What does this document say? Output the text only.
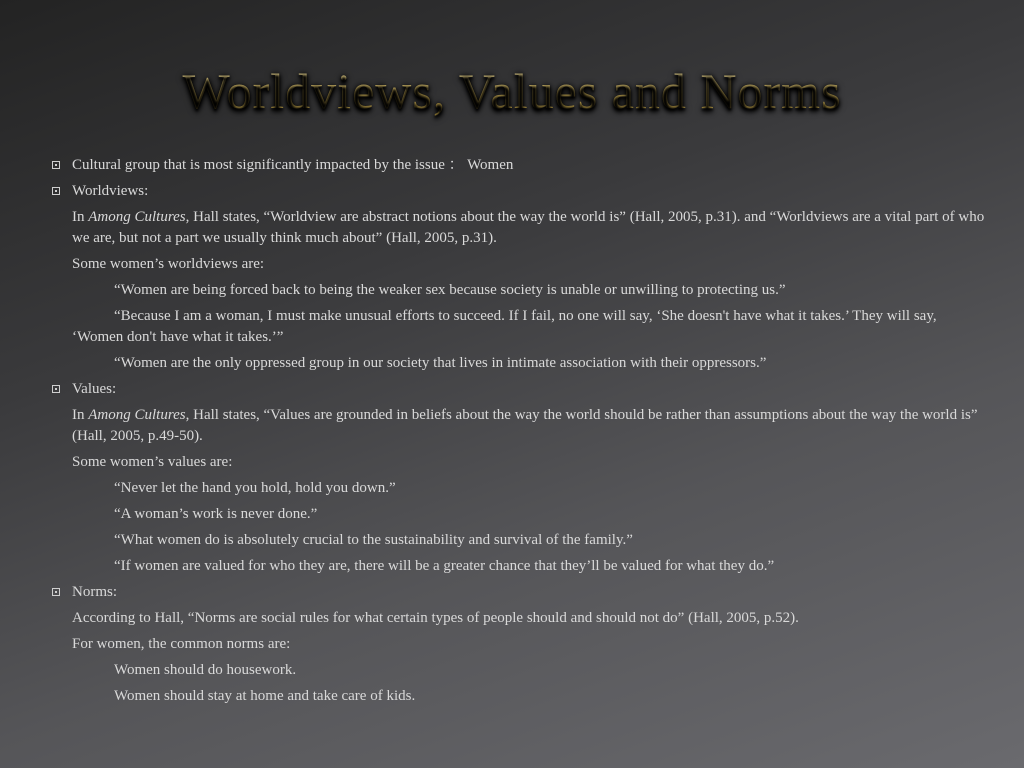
Worldviews, Values and Norms
Cultural group that is most significantly impacted by the issue ： Women
Worldviews:
In Among Cultures, Hall states, “Worldview are abstract notions about the way the world is” (Hall, 2005, p.31). and “Worldviews are a vital part of who we are, but not a part we usually think much about” (Hall, 2005, p.31).
Some women’s worldviews are:
“Women are being forced back to being the weaker sex because society is unable or unwilling to protecting us.”
“Because I am a woman, I must make unusual efforts to succeed. If I fail, no one will say, ‘She doesn't have what it takes.’ They will say, ‘Women don't have what it takes.’”
“Women are the only oppressed group in our society that lives in intimate association with their oppressors.”
Values:
In Among Cultures, Hall states, “Values are grounded in beliefs about the way the world should be rather than assumptions about the way the world is” (Hall, 2005, p.49-50).
Some women’s values are:
“Never let the hand you hold, hold you down.”
“A woman’s work is never done.”
“What women do is absolutely crucial to the sustainability and survival of the family.”
“If women are valued for who they are, there will be a greater chance that they’ll be valued for what they do.”
Norms:
According to Hall, “Norms are social rules for what certain types of people should and should not do” (Hall, 2005, p.52).
For women, the common norms are:
Women should do housework.
Women should stay at home and take care of kids.
